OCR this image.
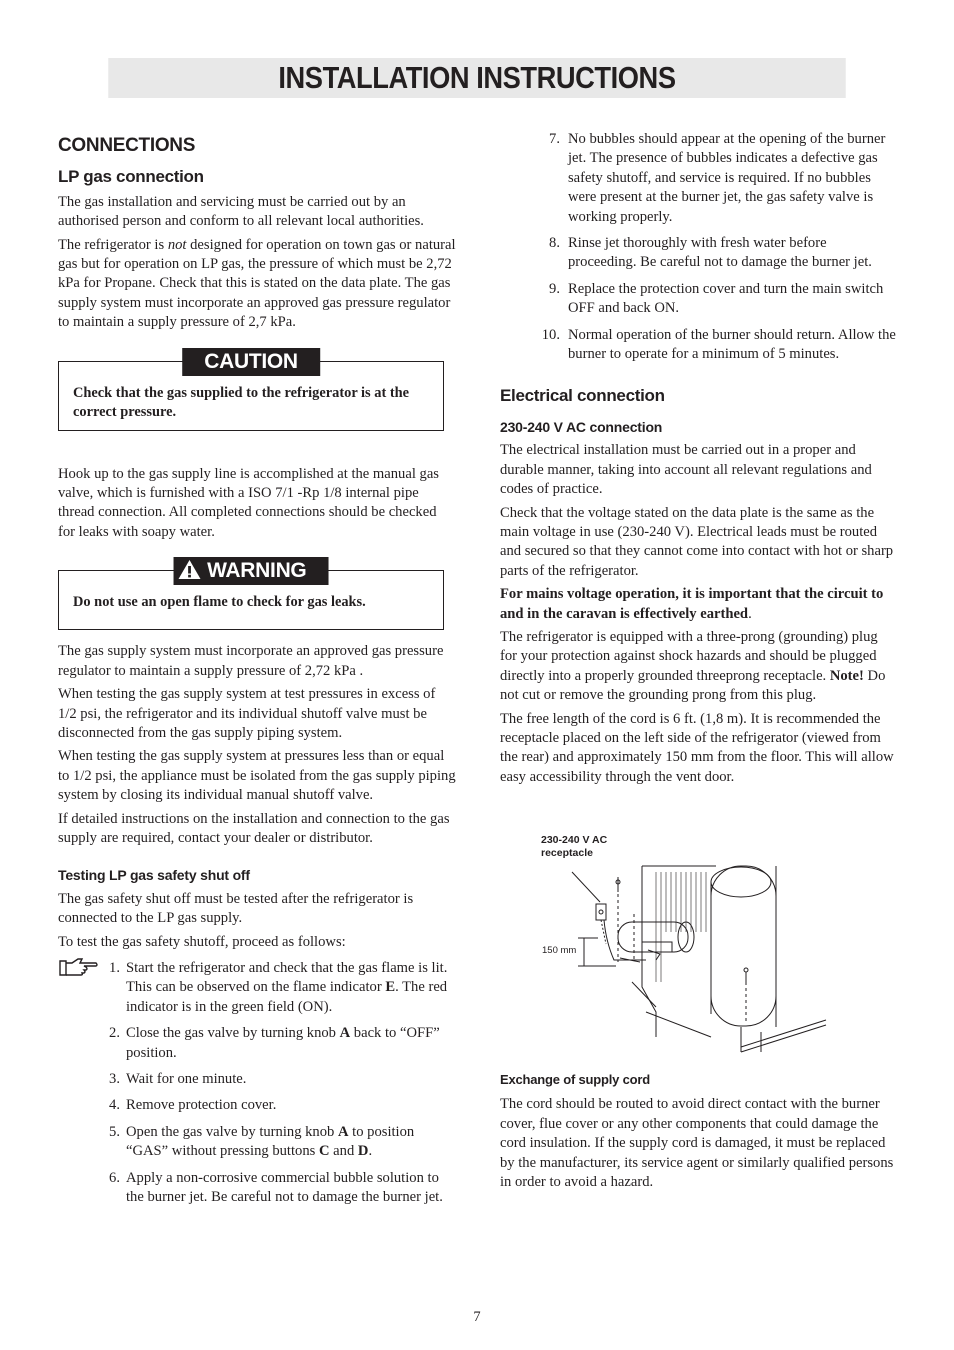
INSTALLATION INSTRUCTIONS
CONNECTIONS
LP gas connection

The gas installation and servicing must be carried out by an authorised person and conform to all relevant local authorities.

The refrigerator is not designed for operation on town gas or natural gas but for operation on LP gas, the pressure of which must be 2,72 kPa for Propane. Check that this is stated on the data plate. The gas supply system must incorporate an approved gas pressure regulator to maintain a supply pressure of 2,7 kPa.

CAUTION
Check that the gas supplied to the refrigerator is at the correct pressure.

Hook up to the gas supply line is accomplished at the manual gas valve, which is furnished with a ISO 7/1 -Rp 1/8 internal pipe thread connection. All completed connections should be checked for leaks with soapy water.

WARNING
Do not use an open flame to check for gas leaks.

The gas supply system must incorporate an approved gas pressure regulator to maintain a supply pressure of 2,72 kPa .

When testing the gas supply system at test pressures in excess of 1/2 psi, the refrigerator and its individual shutoff valve must be disconnected from the gas supply piping system.

When testing the gas supply system at pressures less than or equal to 1/2 psi, the appliance must be isolated from the gas supply piping system by closing its individual manual shutoff valve.

If detailed instructions on the installation and connection to the gas supply are required, contact your dealer or distributor.

Testing LP gas safety shut off

The gas safety shut off must be tested after the refrigerator is connected to the LP gas supply.

To test the gas safety shutoff, proceed as follows:

1. Start the refrigerator and check that the gas flame is lit. This can be observed on the flame indicator E. The red indicator is in the green field (ON).
2. Close the gas valve by turning knob A back to “OFF” position.
3. Wait for one minute.
4. Remove protection cover.
5. Open the gas valve by turning knob A to position “GAS” without pressing buttons C and D.
6. Apply a non-corrosive commercial bubble solution to the burner jet. Be careful not to damage the burner jet.
7. No bubbles should appear at the opening of the burner jet. The presence of bubbles indicates a defective gas safety shutoff, and service is required. If no bubbles were present at the burner jet, the gas safety valve is working properly.
8. Rinse jet thoroughly with fresh water before proceeding. Be careful not to damage the burner jet.
9. Replace the protection cover and turn the main switch OFF and back ON.
10. Normal operation of the burner should return. Allow the burner to operate for a minimum of 5 minutes.
Electrical connection
230-240 V AC connection

The electrical installation must be carried out in a proper and durable manner, taking into account all relevant regulations and codes of practice.

Check that the voltage stated on the data plate is the same as the main voltage in use (230-240 V). Electrical leads must be routed and secured so that they cannot come into contact with hot or sharp parts of the refrigerator.

For mains voltage operation, it is important that the circuit to and in the caravan is effectively earthed.

The refrigerator is equipped with a three-prong (grounding) plug for your protection against shock hazards and should be plugged directly into a properly grounded threeprong receptacle. Note! Do not cut or remove the grounding prong from this plug.

The free length of the cord is 6 ft. (1,8 m). It is recommended the receptacle placed on the left side of the refrigerator (viewed from the rear) and approximately 150 mm from the floor. This will allow easy accessibility through the vent door.

230-240 V AC
receptacle
150 mm
Exchange of supply cord

The cord should be routed to avoid direct contact with the burner cover, flue cover or any other components that could damage the cord insulation. If the supply cord is damaged, it must be replaced by the manufacturer, its service agent or similarly qualified persons in order to avoid a hazard.

7
